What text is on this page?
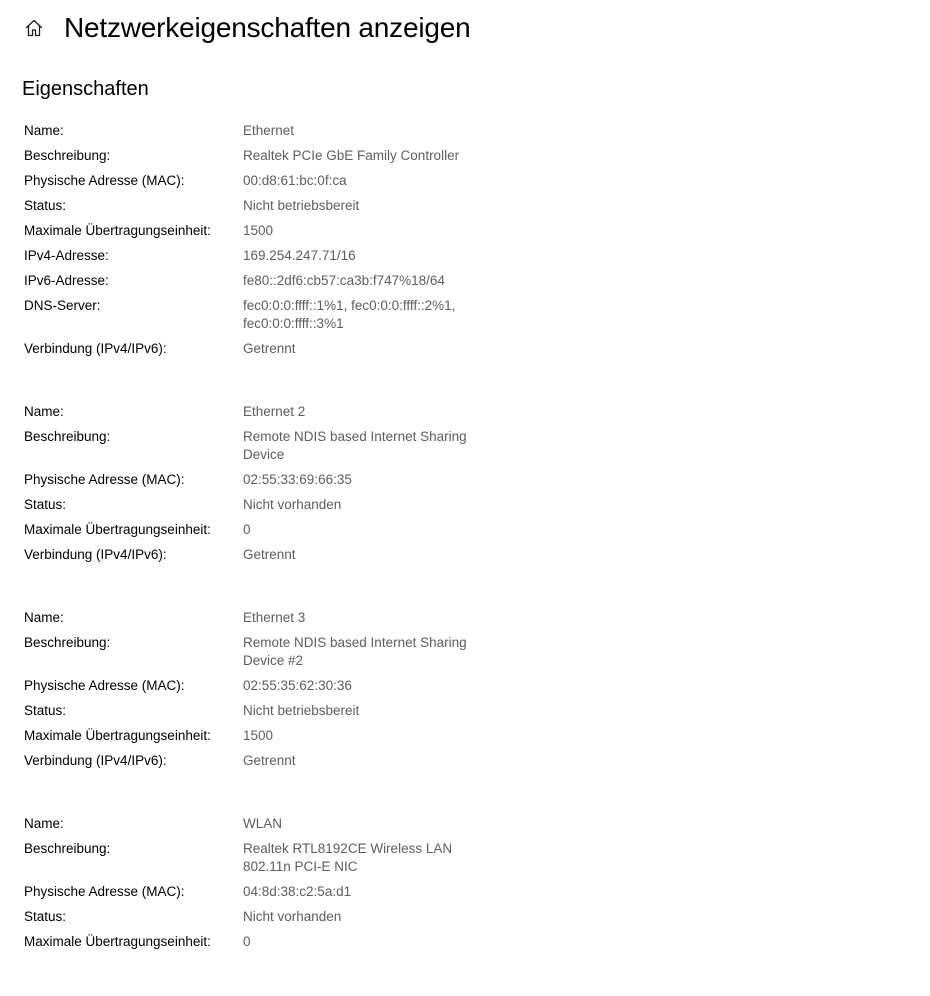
Netzwerkeigenschaften anzeigen
Eigenschaften
Name:	Ethernet
Beschreibung:	Realtek PCIe GbE Family Controller
Physische Adresse (MAC):	00:d8:61:bc:0f:ca
Status:	Nicht betriebsbereit
Maximale Übertragungseinheit:	1500
IPv4-Adresse:	169.254.247.71/16
IPv6-Adresse:	fe80::2df6:cb57:ca3b:f747%18/64
DNS-Server:	fec0:0:0:ffff::1%1, fec0:0:0:ffff::2%1,
fec0:0:0:ffff::3%1
Verbindung (IPv4/IPv6):	Getrennt
Name:	Ethernet 2
Beschreibung:	Remote NDIS based Internet Sharing
Device
Physische Adresse (MAC):	02:55:33:69:66:35
Status:	Nicht vorhanden
Maximale Übertragungseinheit:	0
Verbindung (IPv4/IPv6):	Getrennt
Name:	Ethernet 3
Beschreibung:	Remote NDIS based Internet Sharing
Device #2
Physische Adresse (MAC):	02:55:35:62:30:36
Status:	Nicht betriebsbereit
Maximale Übertragungseinheit:	1500
Verbindung (IPv4/IPv6):	Getrennt
Name:	WLAN
Beschreibung:	Realtek RTL8192CE Wireless LAN
802.11n PCI-E NIC
Physische Adresse (MAC):	04:8d:38:c2:5a:d1
Status:	Nicht vorhanden
Maximale Übertragungseinheit:	0
